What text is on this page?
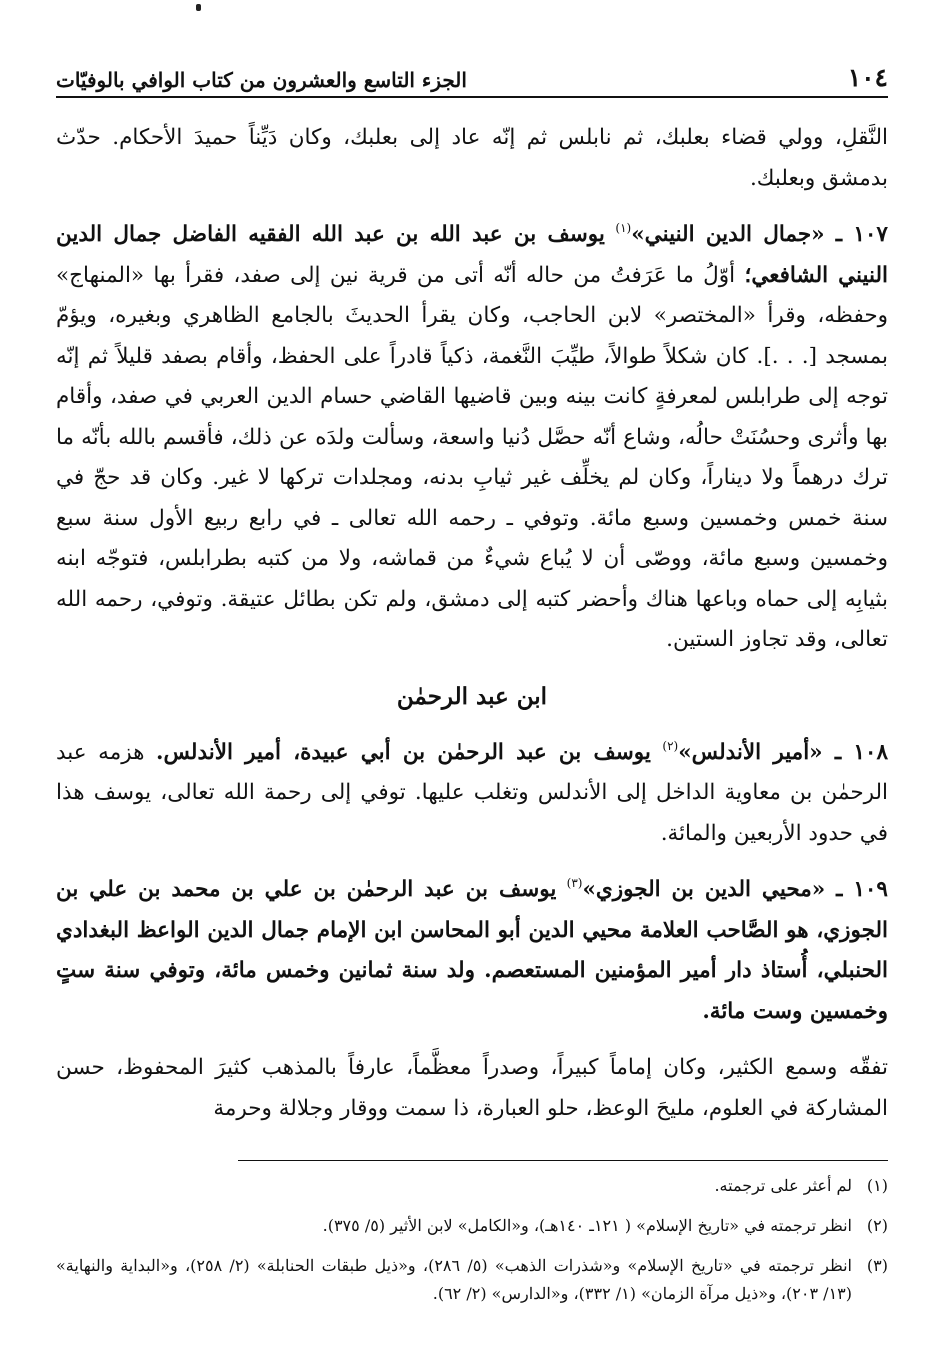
١٠٤
الجزء التاسع والعشرون من كتاب الوافي بالوفيّات

النَّقلِ، وولي قضاء بعلبك، ثم نابلس ثم إنّه عاد إلى بعلبك، وكان دَيِّناً حميدَ الأحكام. حدّث بدمشق وبعلبك.

١٠٧ ـ «جمال الدين النيني»$^{(١)}$ يوسف بن عبد الله بن عبد الله الفقيه الفاضل جمال الدين النيني الشافعي؛ أوّلُ ما عَرَفتُ من حاله أنّه أتى من قرية نين إلى صفد، فقرأ بها «المنهاج» وحفظه، وقرأ «المختصر» لابن الحاجب، وكان يقرأ الحديثَ بالجامع الظاهري وبغيره، ويؤمّ بمسجد [. . .]. كان شكلاً طوالاً، طيِّبَ النَّغمة، ذكياً قادراً على الحفظ، وأقام بصفد قليلاً ثم إنّه توجه إلى طرابلس لمعرفةٍ كانت بينه وبين قاضيها القاضي حسام الدين العربي في صفد، وأقام بها وأثرى وحسُنَتْ حالُه، وشاع أنّه حصَّل دُنيا واسعة، وسألت ولدَه عن ذلك، فأقسم بالله بأنّه ما ترك درهماً ولا ديناراً، وكان لم يخلِّف غير ثيابِ بدنه، ومجلدات تركها لا غير. وكان قد حجّ في سنة خمس وخمسين وسبع مائة. وتوفي ـ رحمه الله تعالى ـ في رابع ربيع الأول سنة سبع وخمسين وسبع مائة، ووصّى أن لا يُباع شيءٌ من قماشه، ولا من كتبه بطرابلس، فتوجّه ابنه بثيابِه إلى حماه وباعها هناك وأحضر كتبه إلى دمشق، ولم تكن بطائل عتيقة. وتوفي، رحمه الله تعالى، وقد تجاوز الستين.

ابن عبد الرحمٰن

١٠٨ ـ «أمير الأندلس»$^{(٢)}$ يوسف بن عبد الرحمٰن بن أبي عبيدة، أمير الأندلس. هزمه عبد الرحمٰن بن معاوية الداخل إلى الأندلس وتغلب عليها. توفي إلى رحمة الله تعالى، يوسف هذا في حدود الأربعين والمائة.

١٠٩ ـ «محيي الدين بن الجوزي»$^{(٣)}$ يوسف بن عبد الرحمٰن بن علي بن محمد بن علي بن الجوزي، هو الصَّاحب العلامة محيي الدين أبو المحاسن ابن الإمام جمال الدين الواعظ البغدادي الحنبلي، أُستاذ دار أمير المؤمنين المستعصم. ولد سنة ثمانين وخمس مائة، وتوفي سنة ستٍ وخمسين وست مائة.

تفقّه وسمع الكثير، وكان إماماً كبيراً، وصدراً معظَّماً، عارفاً بالمذهب كثيرَ المحفوظ، حسن المشاركة في العلوم، مليحَ الوعظ، حلو العبارة، ذا سمت ووقار وجلالة وحرمة

(١)
لم أعثر على ترجمته.
(٢)
انظر ترجمته في «تاريخ الإسلام» ( ١٢١ـ ١٤٠هـ)، و«الكامل» لابن الأثير (٥/ ٣٧٥).
(٣)
انظر ترجمته في «تاريخ الإسلام» و«شذرات الذهب» (٥/ ٢٨٦)، و«ذيل طبقات الحنابلة» (٢/ ٢٥٨)، و«البداية والنهاية» (١٣/ ٢٠٣)، و«ذيل مرآة الزمان» (١/ ٣٣٢)، و«الدارس» (٢/ ٦٢).
